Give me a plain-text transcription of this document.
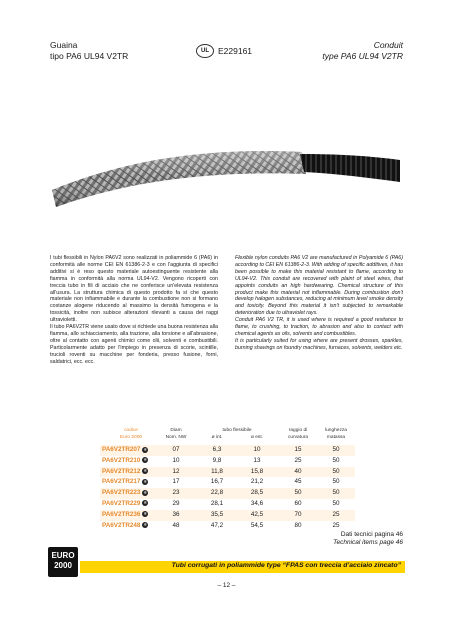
Guaina
tipo PA6 UL94 V2TR	UL	E229161
Conduit
type PA6 UL94 V2TR

I tubi flessibili in Nylon PA6V2 sono realizzati in poliammide 6 (PA6) in conformità alle norme CEI EN 61386-2-3 e con l'aggiunta di specifici additivi si è reso questo materiale autoestinguente resistente alla fiamma in conformità alla norma UL94-V2. Vengono ricoperti con treccia tubo in fili di acciaio che ne conferisce un'elevata resistenza all'usura. La struttura chimica di questo prodotto fa sì che questo materiale non infiammabile e durante la combustione non si formano costanze alogene riducendo al massimo la densità fumogena e la tossicità, inoltre non subisce alterazioni rilevanti a causa dei raggi ultravioletti.

Il tubo PA6V2TR viene usato dove si richiede una buona resistenza alla fiamma, allo schiacciamento, alla trazione, alla torsione e all'abrasione, oltre al contatto con agenti chimici come olii, solventi e combustibili. Particolarmente adatto per l'impiego in presenza di scorie, scintille, trucioli roventi su macchine per fonderia, presso fusione, forni, saldatrici, ecc. ecc.

Flexible nylon conduits PA6 V2 are manufactured in Polyamide 6 (PA6) according to CEI EN 61386-2-3. With adding of specific additives, it has been possible to make this material resistant to flame, according to UL94-V2. This conduit are recovered with plaint of steel wires, that appoints conduits an high hardwearing. Chemical structure of this product make this material not inflammable. During combustion don't develop halogen substances, reducing at minimum level smoke density and toxicity. Beyond this material it isn't subjected to remarkable deterioration due to ultraviolet rays.

Conduit PA6 V2 TR, it is used where is required a good resitance to flame, to crushing, to traction, to abrasion and also to contact with chemical agents as oils, solvents and combustibles.

It is particularly suited for using where are present drosses, sparkles, burning shavings on foundry machines, furnaces, solvents, welders etc.

codice
Euro 2000
Diam
Nom. NW
tubo flessibile
ø int.	ø est.
raggio di
curvatura
lunghezza
matassa
PA6V2TR207 ®	07	6,3	10	15	50
PA6V2TR210 ®	10	9,8	13	25	50
PA6V2TR212 ®	12	11,8	15,8	40	50
PA6V2TR217 ®	17	16,7	21,2	45	50
PA6V2TR223 ®	23	22,8	28,5	50	50
PA6V2TR229 ®	29	28,1	34,6	60	50
PA6V2TR236 ®	36	35,5	42,5	70	25
PA6V2TR248 ®	48	47,2	54,5	80	25
Dati tecnici pagina 46
Technical items page 46
EURO
2000	Tubi corrugati in poliammide type “FPAS con treccia d’acciaio zincato”
– 12 –
